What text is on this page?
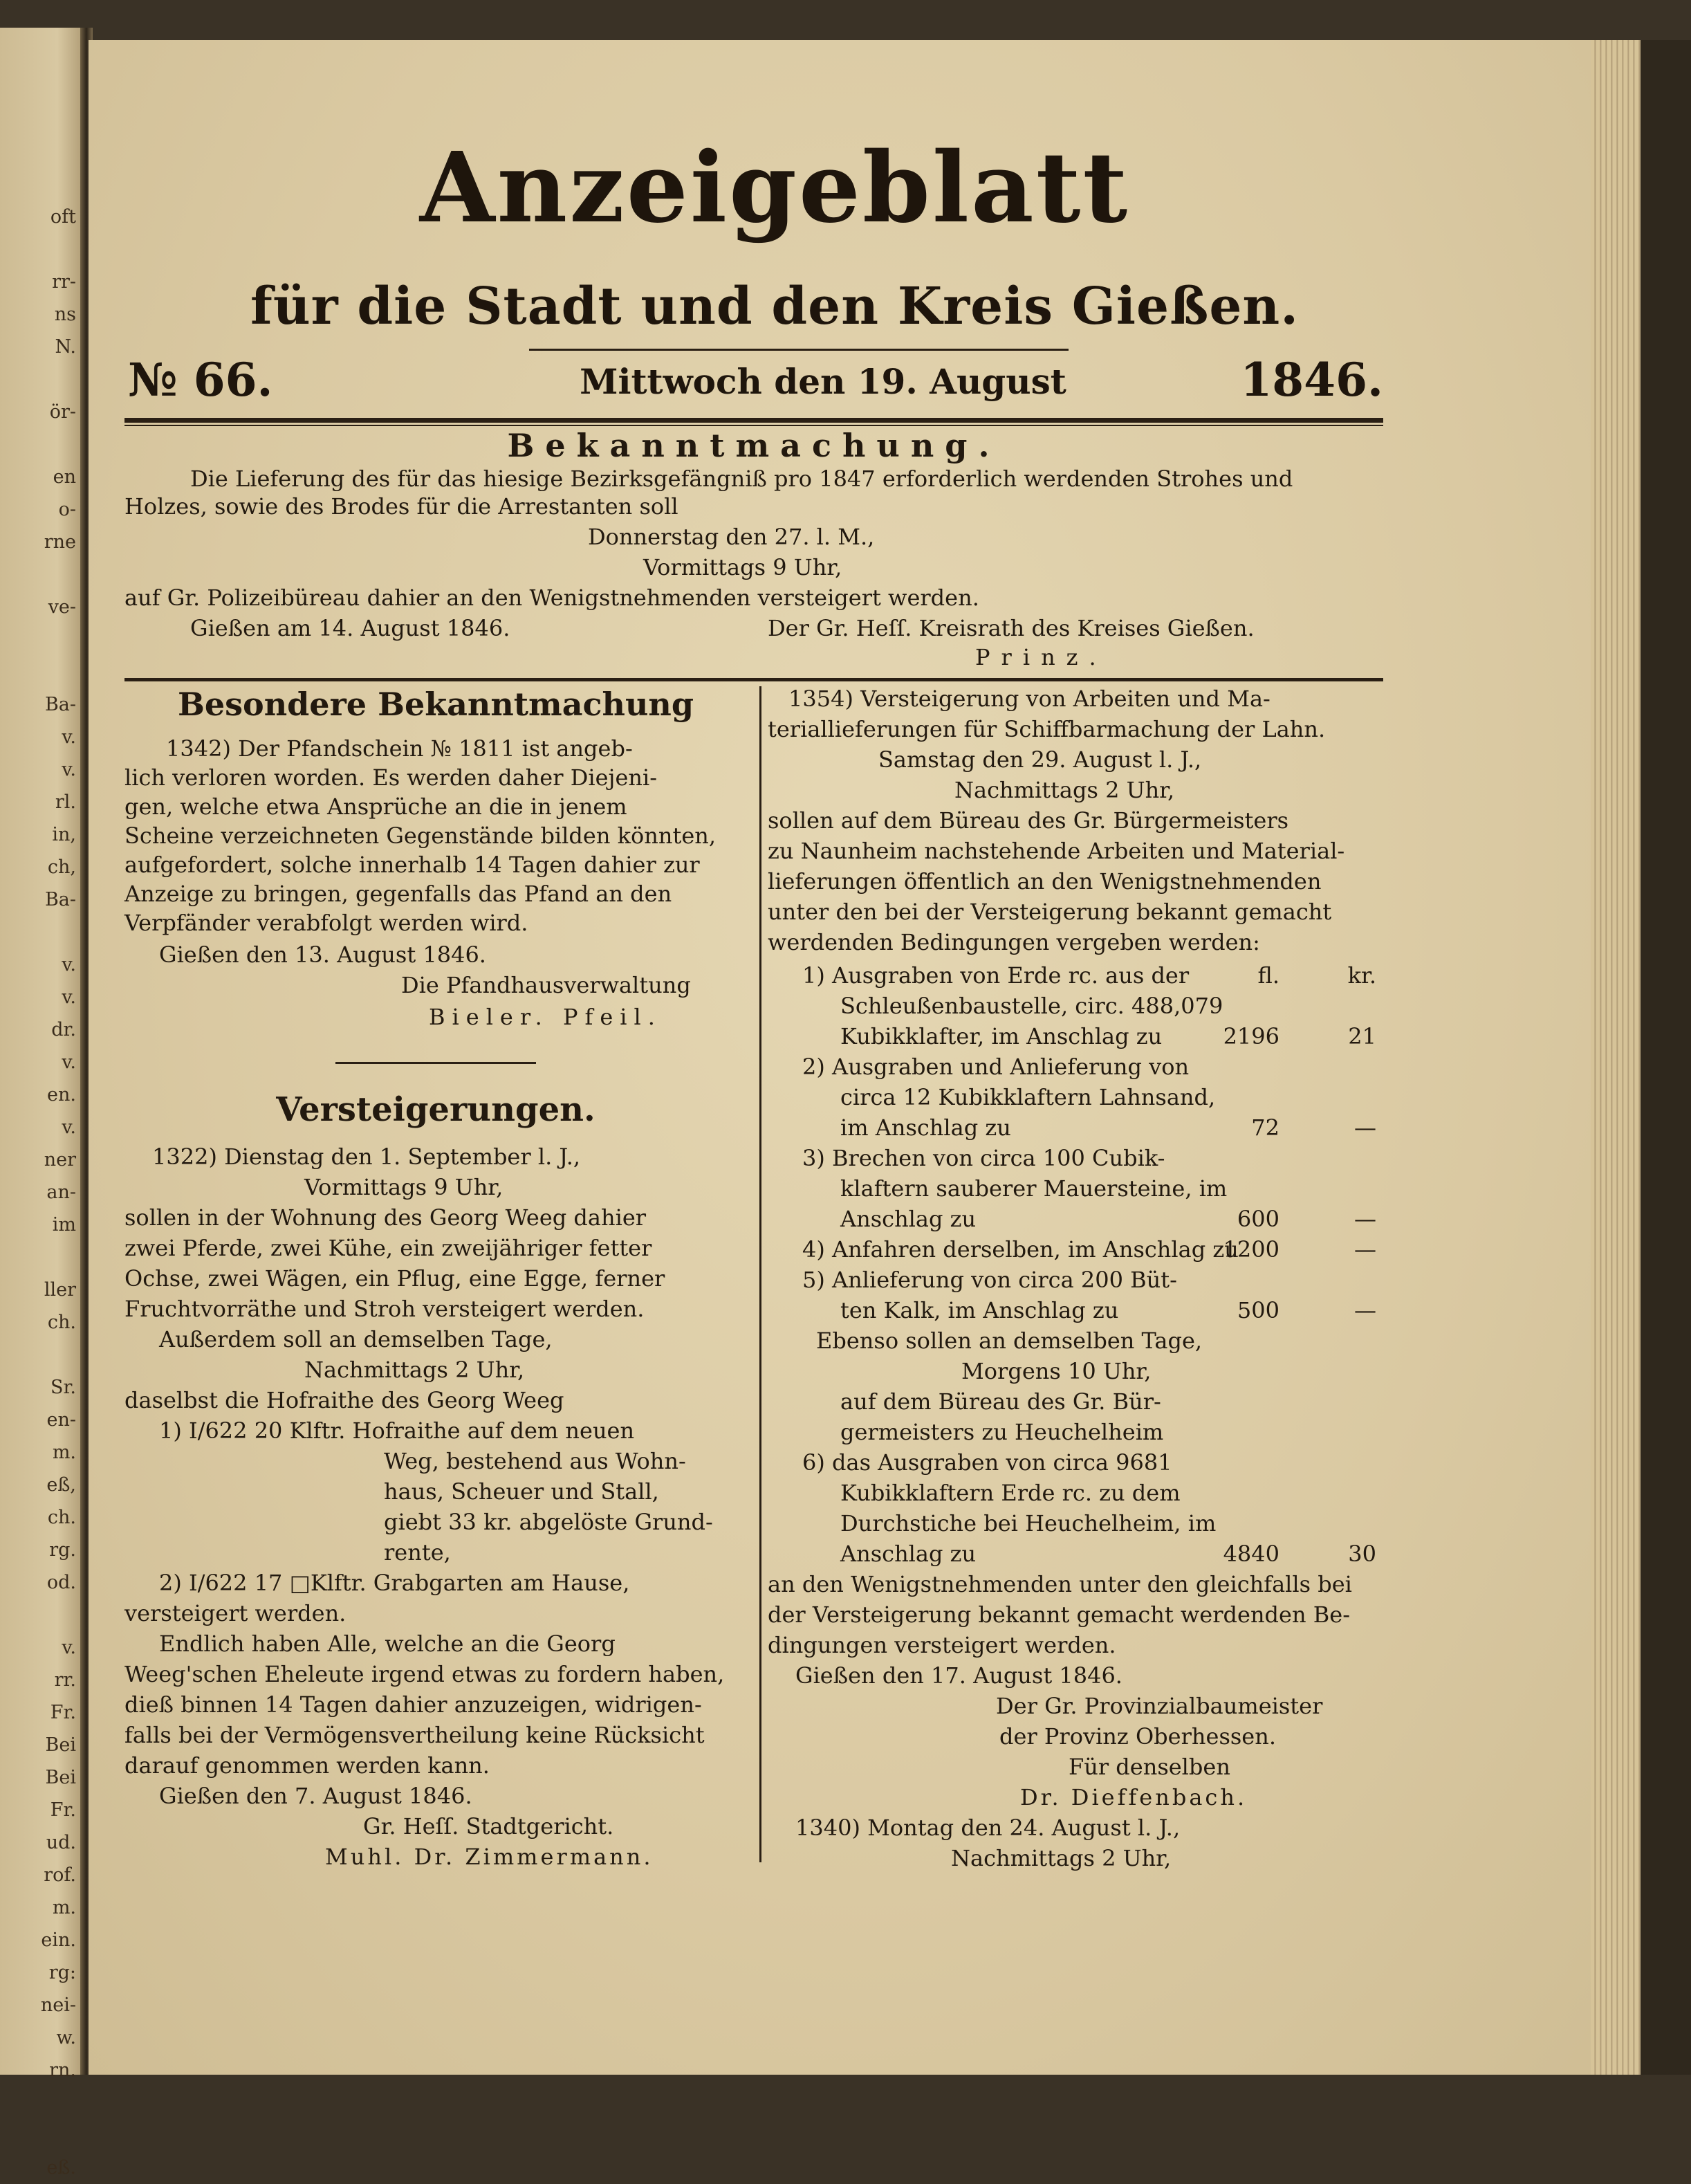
oft
rr-
ns
N.
ör-
en
o-
rne
ve-
Ba-
v.
v.
rl.
in,
ch,
Ba-
v.
v.
dr.
v.
en.
v.
ner
an-
im
ller
ch.
Sr.
en-
m.
eß,
ch.
rg.
od.
v.
rr.
Fr.
Bei
Bei
Fr.
ud.
rof.
m.
ein.
rg:
nei-
w.
rn.
eß.
Anzeigeblatt
für die Stadt und den Kreis Gießen.
№ 66.	Mittwoch den 19. August	1846.
Bekanntmachung.
Die Lieferung des für das hiesige Bezirksgefängniß pro 1847 erforderlich werdenden Strohes und
Holzes, sowie des Brodes für die Arrestanten soll
Donnerstag den 27. l. M.,
Vormittags 9 Uhr,
auf Gr. Polizeibüreau dahier an den Wenigstnehmenden versteigert werden.
Gießen am 14. August 1846.	Der Gr. Heſſ. Kreisrath des Kreises Gießen.
Prinz.
Besondere Bekanntmachung
1342) Der Pfandschein № 1811 ist angeb-
lich verloren worden. Es werden daher Diejeni-
gen, welche etwa Ansprüche an die in jenem
Scheine verzeichneten Gegenstände bilden könnten,
aufgefordert, solche innerhalb 14 Tagen dahier zur
Anzeige zu bringen, gegenfalls das Pfand an den
Verpfänder verabfolgt werden wird.
Gießen den 13. August 1846.
Die Pfandhausverwaltung
Bieler. Pfeil.
Versteigerungen.
1322) Dienstag den 1. September l. J.,
Vormittags 9 Uhr,
sollen in der Wohnung des Georg Weeg dahier
zwei Pferde, zwei Kühe, ein zweijähriger fetter
Ochse, zwei Wägen, ein Pflug, eine Egge, ferner
Fruchtvorräthe und Stroh versteigert werden.
Außerdem soll an demselben Tage,
Nachmittags 2 Uhr,
daselbst die Hofraithe des Georg Weeg
1) I/622 20 Klftr. Hofraithe auf dem neuen
Weg, bestehend aus Wohn-
haus, Scheuer und Stall,
giebt 33 kr. abgelöste Grund-
rente,
2) I/622 17 □Klftr. Grabgarten am Hause,
versteigert werden.
Endlich haben Alle, welche an die Georg
Weeg'schen Eheleute irgend etwas zu fordern haben,
dieß binnen 14 Tagen dahier anzuzeigen, widrigen-
falls bei der Vermögensvertheilung keine Rücksicht
darauf genommen werden kann.
Gießen den 7. August 1846.
Gr. Heſſ. Stadtgericht.
Muhl. Dr. Zimmermann.
1354) Versteigerung von Arbeiten und Ma-
teriallieferungen für Schiffbarmachung der Lahn.
Samstag den 29. August l. J.,
Nachmittags 2 Uhr,
sollen auf dem Büreau des Gr. Bürgermeisters
zu Naunheim nachstehende Arbeiten und Material-
lieferungen öffentlich an den Wenigstnehmenden
unter den bei der Versteigerung bekannt gemacht
werdenden Bedingungen vergeben werden:
fl.	kr.
1) Ausgraben von Erde rc. aus der
Schleußenbaustelle, circ. 488,079
Kubikklafter, im Anschlag zu	2196	21
2) Ausgraben und Anlieferung von
circa 12 Kubikklaftern Lahnsand,
im Anschlag zu	72	—
3) Brechen von circa 100 Cubik-
klaftern sauberer Mauersteine, im
Anschlag zu	600	—
4) Anfahren derselben, im Anschlag zu
1200	—
5) Anlieferung von circa 200 Büt-
ten Kalk, im Anschlag zu	500	—
Ebenso sollen an demselben Tage,
Morgens 10 Uhr,
auf dem Büreau des Gr. Bür-
germeisters zu Heuchelheim
6) das Ausgraben von circa 9681
Kubikklaftern Erde rc. zu dem
Durchstiche bei Heuchelheim, im
Anschlag zu	4840	30
an den Wenigstnehmenden unter den gleichfalls bei
der Versteigerung bekannt gemacht werdenden Be-
dingungen versteigert werden.
Gießen den 17. August 1846.
Der Gr. Provinzialbaumeister
der Provinz Oberhessen.
Für denselben
Dr. Dieffenbach.
1340) Montag den 24. August l. J.,
Nachmittags 2 Uhr,
